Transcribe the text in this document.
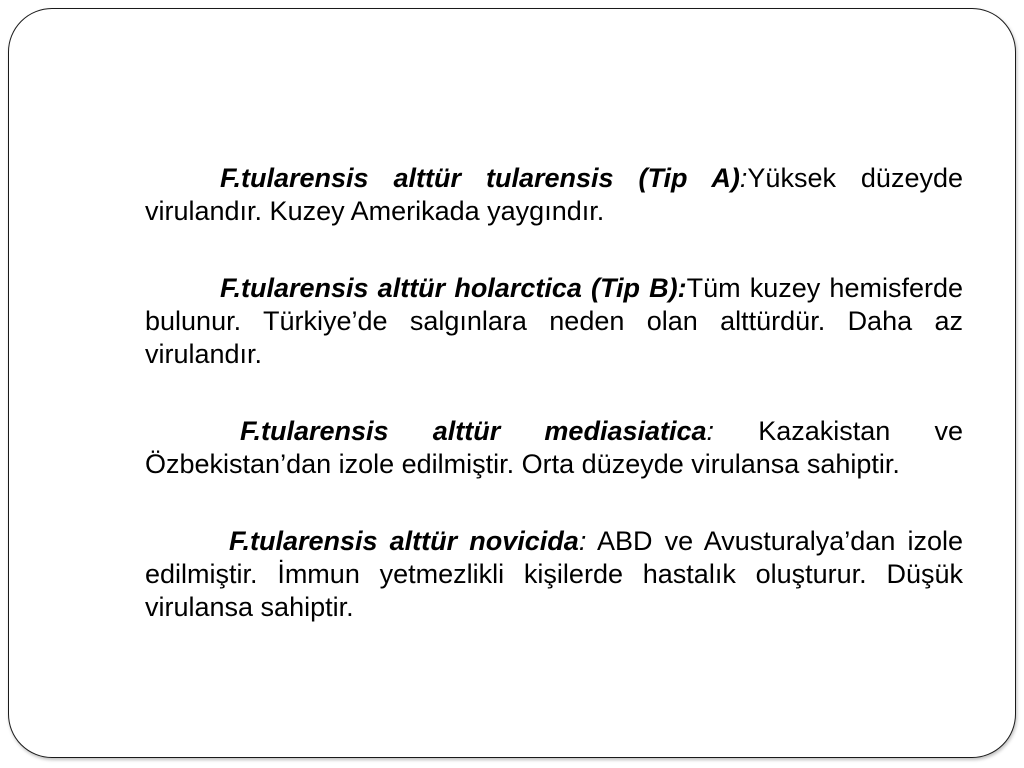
F.tularensis alttür tularensis (Tip A):Yüksek düzeyde virulandır. Kuzey Amerikada yaygındır.

F.tularensis alttür holarctica (Tip B):Tüm kuzey hemisferde bulunur. Türkiye’de salgınlara neden olan alttürdür. Daha az virulandır.

F.tularensis alttür mediasiatica: Kazakistan ve Özbekistan’dan izole edilmiştir. Orta düzeyde virulansa sahiptir.

F.tularensis alttür novicida: ABD ve Avusturalya’dan izole edilmiştir. İmmun yetmezlikli kişilerde hastalık oluşturur. Düşük virulansa sahiptir.
